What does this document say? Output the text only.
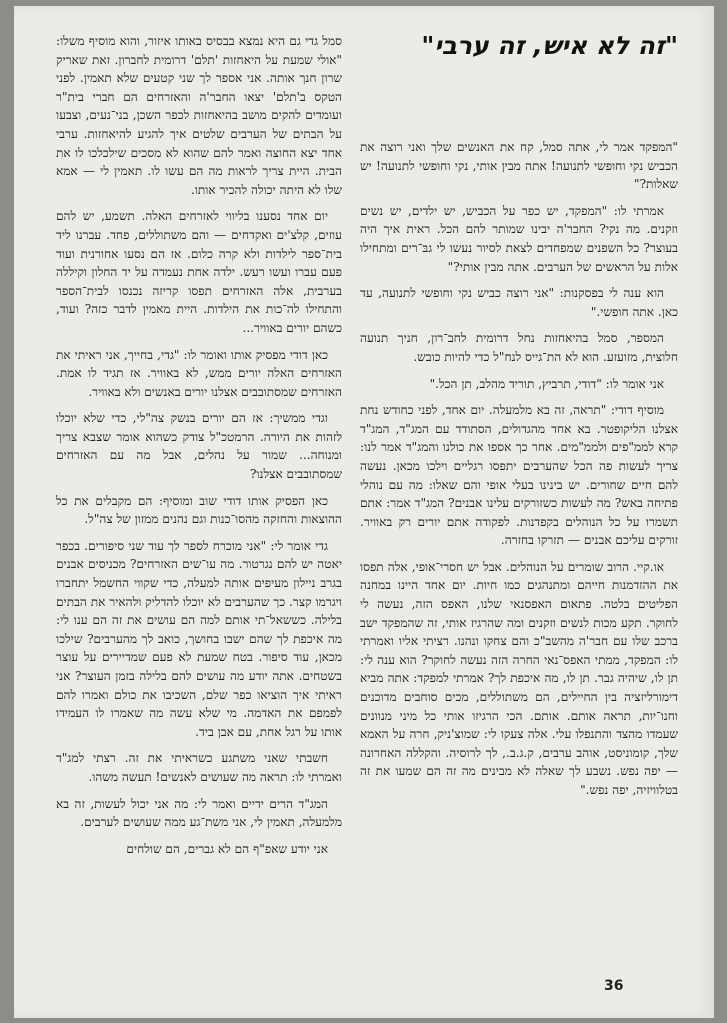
"זה לא איש, זה ערבי"

"המפקד אמר לי, אתה סמל, קח את האנשים שלך ואני רוצה את הכביש נקי וחופשי לתנועה! אתה מבין אותי, נקי וחופשי לתנועה! יש שאלות?"

אמרתי לו: "המפקד, יש כפר על הכביש, יש ילדים, יש נשים וזקנים. מה נקי? החבר'ה יבינו שמותר להם הכל. ראית איך היה בעוצר? כל השפנים שמפחדים לצאת לסיור נעשו לי גבּ־רים ומתחילו אלות על הראשים של הערבים. אתה מבין אותי?"

הוא ענה לי בפסקנות: "אני רוצה כביש נקי וחופשי לתנועה, עד כאן. אתה חופשי."

המספר, סמל בהיאחזות נחל דרומית לחב־רון, חניך תנועה חלוצית, מזועזע. הוא לא הת־גייס לנח"ל כדי להיות כובש.

אני אומר לו: "דודי, תרביץ, תוריד מהלב, תן הכל."

מוסיף דודי: "תראה, זה בא מלמעלה. יום אחד, לפני כחודש נחת אצלנו הליקופטר. בא אחד מהגדולים, הסתודד עם המג"ד, המג"ד קרא לממ"פים ולממ"מים. אחר כך אספו את כולנו והמג"ד אמר לנו: צריך לעשות פה הכל שהערבים יתפסו רגליים וילכו מכאן. נעשה להם חיים שחורים. יש בינינו בעלי אופי והם שאלו: מה עם נוהלי פתיחה באש? מה לעשות כשזורקים עלינו אבנים? המג"ד אמר: אתם תשמרו על כל הנוהלים בקפדנות. לפקודה אתם יורים רק באוויר. זורקים עליכם אבנים — תזרקו בחזרה.

או.קיי. הרוב שומרים על הנוהלים. אבל יש חסרי־אופי, אלה תפסו את ההזדמנות חייהם ומתנהגים כמו חיות. יום אחד היינו במחנה הפליטים בלטה. פתאום האפסנאי שלנו, האפס הזה, נעשה לי לחוקר. תקע מכות לנשים וזקנים ומה שהרגיז אותי, זה שהמפקד ישב ברכב שלו עם חבר'ה מהשב"כ והם צחקו ונהנו. רציתי אליו ואמרתי לו: המפקד, ממתי האפס־נאי החרה הזה נעשה לחוקר? הוא ענה לי: תן לו, שיהיה גבר. תן לו, מה איכפת לך? אמרתי למפקד: אתה מביא דימורליזציה בין החיילים, הם משתוללים, מכים סוחבים מדוכנים וחנו־יות, תראה אותם. אותם. הכי הרגיזו אותי כל מיני מנוונים שעמדו מהצד והתנפלו עלי. אלה צעקו לי: שמוצ'ניק, חרה על האמא שלך, קומוניסט, אוהב ערבים, ק.ג.ב., לך לרוסיה. והקללה האחרונה — יפה נפש. נשבע לך שאלה לא מבינים מה זה הם שמעו את זה בטלוויזיה, יפה נפש."

סמל גדי גם היא נמצא בבסיס באותו איזור, והוא מוסיף משלו: "אולי שמעת על היאחזות 'תלם' דרומית לחברון. זאת שאריק שרון חנך אותה. אני אספר לך שני קטעים שלא תאמין. לפני הטקס ב'תלם' יצאו החבר'ה והאזרחים הם חברי בית"ר ועומדים להקים מושב בהיאחזות לכפר השכן, בני־נעים, וצבעו על הבתים של הערבים שלטים איך להגיע להיאחזות. ערבי אחד יצא החוצה ואמר להם שהוא לא מסכים שילכלכו לו את הבית. היית צריך לראות מה הם עשו לו. תאמין לי — אמא שלו לא היתה יכולה להכיר אותו.

יום אחד נסענו בליווי לאזרחים האלה. תשמע, יש להם עוזים, קלצ'ים ואקדחים — והם משתוללים, פחד. עברנו ליד בית־ספר לילדות ולא קרה כלום. אז הם נסעו אחורנית ועוד פעם עברו ועשו רעש. ילדה אחת נעמדה על יד החלון וקיללה בערבית, אלה האזרחים תפסו קריזה נכנסו לבית־הספר והתחילו לה־כות את הילדות. היית מאמין לדבר כזה? ועוד, כשהם יורים באוויר...

כאן דודי מפסיק אותו ואומר לו: "גדי, בחייך, אני ראיתי את האזרחים האלה יורים ממש, לא באוויר. אז תגיד לו אמת. האזרחים שמסתובבים אצלנו יורים באנשים ולא באוויר.

וגדי ממשיך: אז הם יורים בנשק צה"לי, כדי שלא יוכלו לזהות את היורה. הרמטכ"ל צודק כשהוא אומר שצבא צריך ומנוחה... שמור על נהלים, אבל מה עם האזרחים שמסתובבים אצלנו?

כאן הפסיק אותו דודי שוב ומוסיף: הם מקבלים את כל ההוצאות והחזקה מהסו־כנות וגם נהנים ממזון של צה"ל.

גדי אומר לי: "אני מוכרח לספר לך עוד שני סיפורים. בכפר יאטה יש להם נגרטור. מה עו־שים האזרחים? מכניסים אבנים בגרב ניילון מעיפים אותה למעלה, כדי שקווי החשמל יתחברו ויגרמו קצר. כך שהערבים לא יוכלו להדליק ולהאיר את הבתים בלילה. כששאל־תי אותם למה הם עושים את זה הם ענו לי: מה איכפת לך שהם ישבו בחושך, כואב לך מהערבים? שילכו מכאן, עוד סיפור. בטח שמעת לא פעם שמדיירים על עוצר בשטחים. אתה יודע מה עושים להם בלילה בזמן העוצר? אני ראיתי איך הוציאו כפר שלם, השכיבו את כולם ואמרו להם לפמפם את האדמה. מי שלא עשה מה שאמרו לו העמידו אותו על רגל אחת, עם אבן ביד.

חשבתי שאני משתגע כשראיתי את זה. רצתי למג"ד ואמרתי לו: תראה מה שעושים לאנשים! תעשה משהו.

המג"ד הרים ידיים ואמר לי: מה אני יכול לעשות, זה בא מלמעלה, תאמין לי, אני משת־גע ממה שעושים לערבים.

אני יודע שאפ"ף הם לא גברים, הם שולחים

36
